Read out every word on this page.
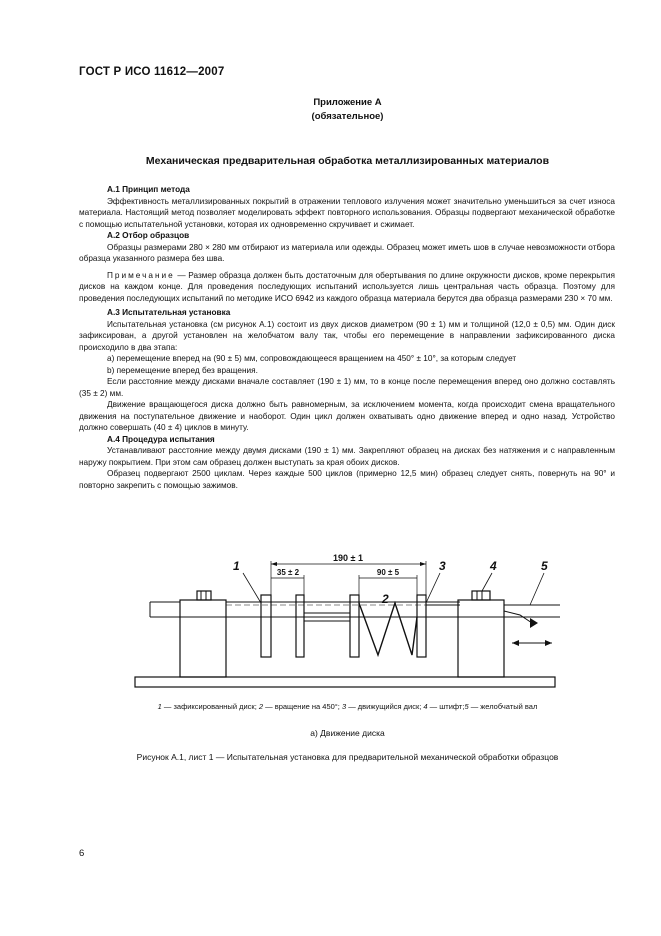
ГОСТ Р ИСО 11612—2007
Приложение А
(обязательное)
Механическая предварительная обработка металлизированных материалов

А.1 Принцип метода

Эффективность металлизированных покрытий в отражении теплового излучения может значительно уменьшиться за счет износа материала. Настоящий метод позволяет моделировать эффект повторного использования. Образцы подвергают механической обработке с помощью испытательной установки, которая их одновременно скручивает и сжимает.

А.2 Отбор образцов

Образцы размерами 280 × 280 мм отбирают из материала или одежды. Образец может иметь шов в случае невозможности отбора образца указанного размера без шва.

Примечание — Размер образца должен быть достаточным для обертывания по длине окружности дисков, кроме перекрытия дисков на каждом конце. Для проведения последующих испытаний используется лишь центральная часть образца. Поэтому для проведения последующих испытаний по методике ИСО 6942 из каждого образца материала берутся два образца размерами 230 × 70 мм.

А.3 Испытательная установка

Испытательная установка (см рисунок А.1) состоит из двух дисков диаметром (90 ± 1) мм и толщиной (12,0 ± 0,5) мм. Один диск зафиксирован, а другой установлен на желобчатом валу так, чтобы его перемещение в направлении зафиксированного диска происходило в два этапа:

a) перемещение вперед на (90 ± 5) мм, сопровождающееся вращением на 450° ± 10°, за которым следует

b) перемещение вперед без вращения.

Если расстояние между дисками вначале составляет (190 ± 1) мм, то в конце после перемещения вперед оно должно составлять (35 ± 2) мм.

Движение вращающегося диска должно быть равномерным, за исключением момента, когда происходит смена вращательного движения на поступательное движение и наоборот. Один цикл должен охватывать одно движение вперед и одно назад. Устройство должно совершать (40 ± 4) циклов в минуту.

А.4 Процедура испытания

Устанавливают расстояние между двумя дисками (190 ± 1) мм. Закрепляют образец на дисках без натяжения и с направленным наружу покрытием. При этом сам образец должен выступать за края обоих дисков.

Образец подвергают 2500 циклам. Через каждые 500 циклов (примерно 12,5 мин) образец следует снять, повернуть на 90° и повторно закрепить с помощью зажимов.

190 ± 1
35 ± 2	90 ± 5
1
2
3	4	5
1 — зафиксированный диск; 2 — вращение на 450°; 3 — движущийся диск; 4 — штифт;5 — желобчатый вал
а) Движение диска
Рисунок А.1, лист 1 — Испытательная установка для предварительной механической обработки образцов
6
